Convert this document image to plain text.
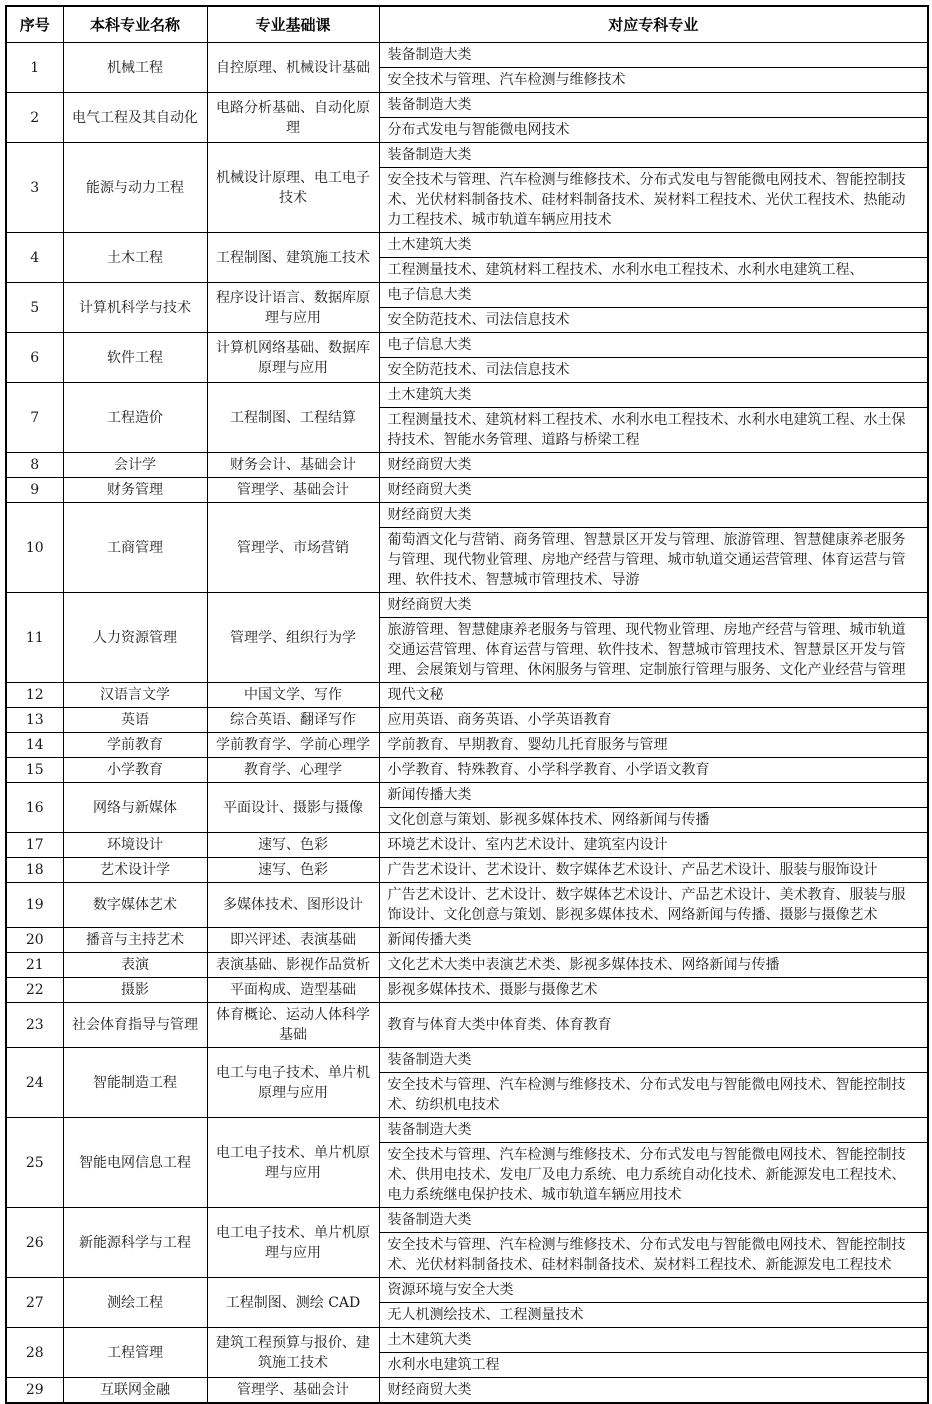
序号	本科专业名称	专业基础课	对应专科专业
1	机械工程	自控原理、机械设计基础	装备制造大类
安全技术与管理、汽车检测与维修技术

2	电气工程及其自动化	电路分析基础、自动化原理	装备制造大类
分布式发电与智能微电网技术

3	能源与动力工程	机械设计原理、电工电子技术	装备制造大类
安全技术与管理、汽车检测与维修技术、分布式发电与智能微电网技术、智能控制技术、光伏材料制备技术、硅材料制备技术、炭材料工程技术、光伏工程技术、热能动力工程技术、城市轨道车辆应用技术

4	土木工程	工程制图、建筑施工技术	土木建筑大类
工程测量技术、建筑材料工程技术、水利水电工程技术、水利水电建筑工程、

5	计算机科学与技术	程序设计语言、数据库原理与应用	电子信息大类
安全防范技术、司法信息技术

6	软件工程	计算机网络基础、数据库原理与应用	电子信息大类
安全防范技术、司法信息技术

7	工程造价	工程制图、工程结算	土木建筑大类
工程测量技术、建筑材料工程技术、水利水电工程技术、水利水电建筑工程、水土保持技术、智能水务管理、道路与桥梁工程

8	会计学	财务会计、基础会计	财经商贸大类

9	财务管理	管理学、基础会计	财经商贸大类

10	工商管理	管理学、市场营销	财经商贸大类
葡萄酒文化与营销、商务管理、智慧景区开发与管理、旅游管理、智慧健康养老服务与管理、现代物业管理、房地产经营与管理、城市轨道交通运营管理、体育运营与管理、软件技术、智慧城市管理技术、导游

11	人力资源管理	管理学、组织行为学	财经商贸大类
旅游管理、智慧健康养老服务与管理、现代物业管理、房地产经营与管理、城市轨道交通运营管理、体育运营与管理、软件技术、智慧城市管理技术、智慧景区开发与管理、会展策划与管理、休闲服务与管理、定制旅行管理与服务、文化产业经营与管理

12	汉语言文学	中国文学、写作	现代文秘

13	英语	综合英语、翻译写作	应用英语、商务英语、小学英语教育

14	学前教育	学前教育学、学前心理学	学前教育、早期教育、婴幼儿托育服务与管理

15	小学教育	教育学、心理学	小学教育、特殊教育、小学科学教育、小学语文教育

16	网络与新媒体	平面设计、摄影与摄像	新闻传播大类
文化创意与策划、影视多媒体技术、网络新闻与传播

17	环境设计	速写、色彩	环境艺术设计、室内艺术设计、建筑室内设计

18	艺术设计学	速写、色彩	广告艺术设计、艺术设计、数字媒体艺术设计、产品艺术设计、服装与服饰设计

19	数字媒体艺术	多媒体技术、图形设计	广告艺术设计、艺术设计、数字媒体艺术设计、产品艺术设计、美术教育、服装与服饰设计、文化创意与策划、影视多媒体技术、网络新闻与传播、摄影与摄像艺术

20	播音与主持艺术	即兴评述、表演基础	新闻传播大类

21	表演	表演基础、影视作品赏析	文化艺术大类中表演艺术类、影视多媒体技术、网络新闻与传播

22	摄影	平面构成、造型基础	影视多媒体技术、摄影与摄像艺术

23	社会体育指导与管理	体育概论、运动人体科学基础	教育与体育大类中体育类、体育教育

24	智能制造工程	电工与电子技术、单片机原理与应用	装备制造大类
安全技术与管理、汽车检测与维修技术、分布式发电与智能微电网技术、智能控制技术、纺织机电技术

25	智能电网信息工程	电工电子技术、单片机原理与应用	装备制造大类
安全技术与管理、汽车检测与维修技术、分布式发电与智能微电网技术、智能控制技术、供用电技术、发电厂及电力系统、电力系统自动化技术、新能源发电工程技术、电力系统继电保护技术、城市轨道车辆应用技术

26	新能源科学与工程	电工电子技术、单片机原理与应用	装备制造大类
安全技术与管理、汽车检测与维修技术、分布式发电与智能微电网技术、智能控制技术、光伏材料制备技术、硅材料制备技术、炭材料工程技术、新能源发电工程技术

27	测绘工程	工程制图、测绘 CAD	资源环境与安全大类
无人机测绘技术、工程测量技术

28	工程管理	建筑工程预算与报价、建筑施工技术	土木建筑大类
水利水电建筑工程

29	互联网金融	管理学、基础会计	财经商贸大类
